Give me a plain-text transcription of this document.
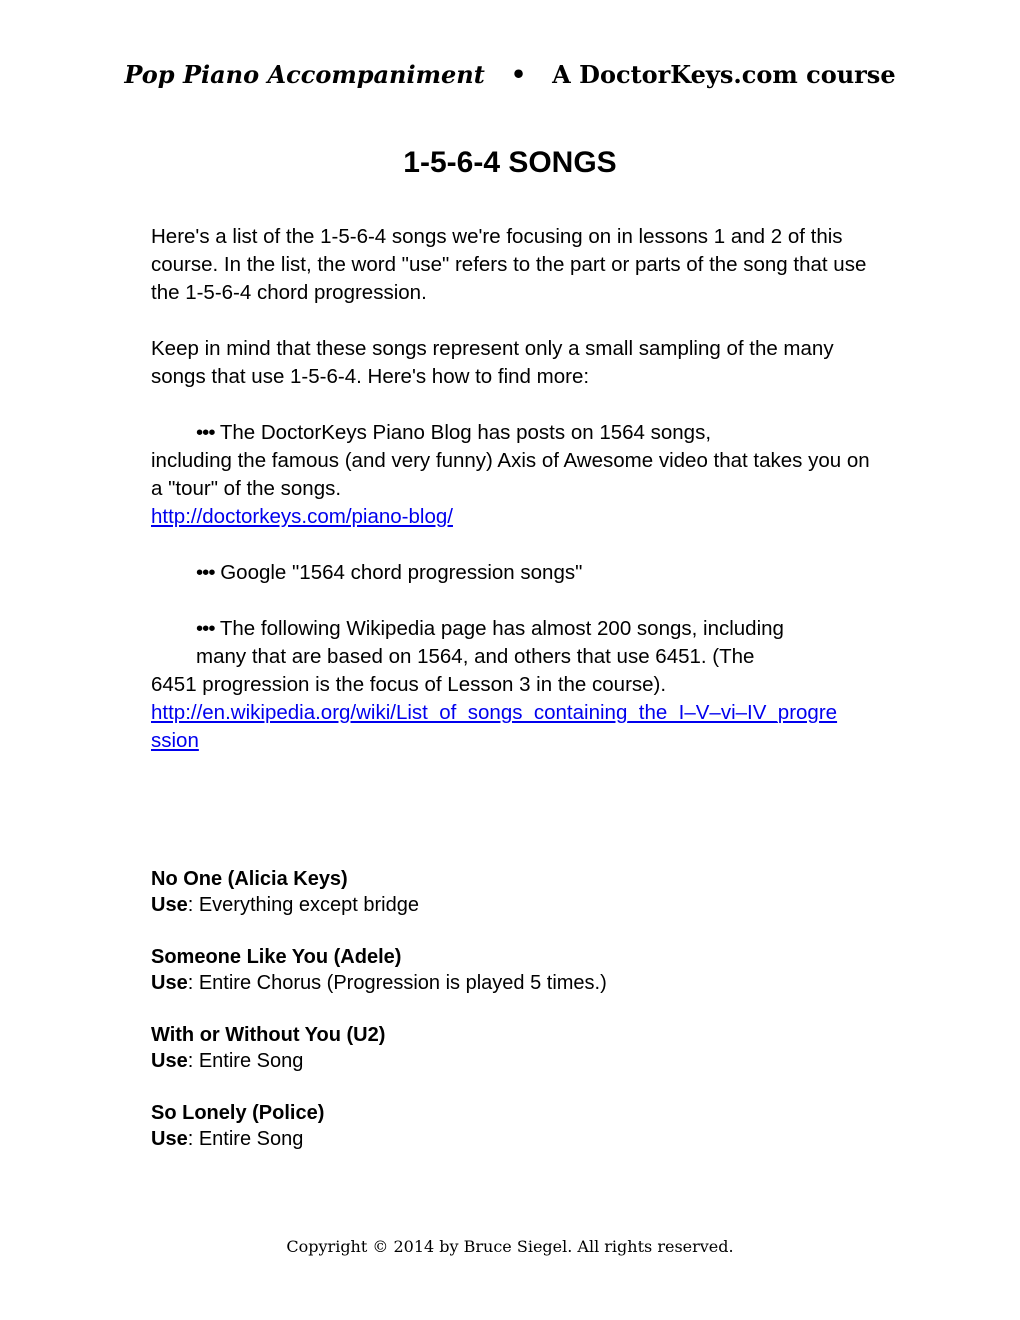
Pop Piano Accompaniment • A DoctorKeys.com course
1-5-6-4 SONGS

Here's a list of the 1-5-6-4 songs we're focusing on in lessons 1 and 2 of this course. In the list, the word "use" refers to the part or parts of the song that use the 1-5-6-4 chord progression.

Keep in mind that these songs represent only a small sampling of the many songs that use 1-5-6-4. Here's how to find more:

••• The DoctorKeys Piano Blog has posts on 1564 songs,
including the famous (and very funny) Axis of Awesome video that takes you on a "tour" of the songs.
http://doctorkeys.com/piano-blog/

••• Google "1564 chord progression songs"

••• The following Wikipedia page has almost 200 songs, including
many that are based on 1564, and others that use 6451. (The
6451 progression is the focus of Lesson 3 in the course).
http://en.wikipedia.org/wiki/List_of_songs_containing_the_I–V–vi–IV_progression

No One (Alicia Keys)
Use: Everything except bridge
Someone Like You (Adele)
Use: Entire Chorus (Progression is played 5 times.)
With or Without You (U2)
Use: Entire Song
So Lonely (Police)
Use: Entire Song
Copyright © 2014 by Bruce Siegel. All rights reserved.
